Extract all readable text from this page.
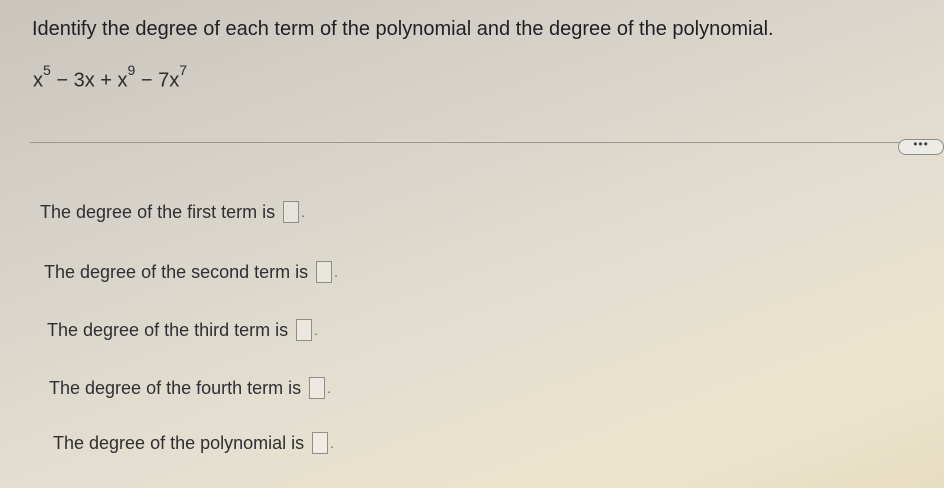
Identify the degree of each term of the polynomial and the degree of the polynomial.
$x^5 - 3x + x^9 - 7x^7$
•••
The degree of the first term is .
The degree of the second term is .
The degree of the third term is .
The degree of the fourth term is .
The degree of the polynomial is .
